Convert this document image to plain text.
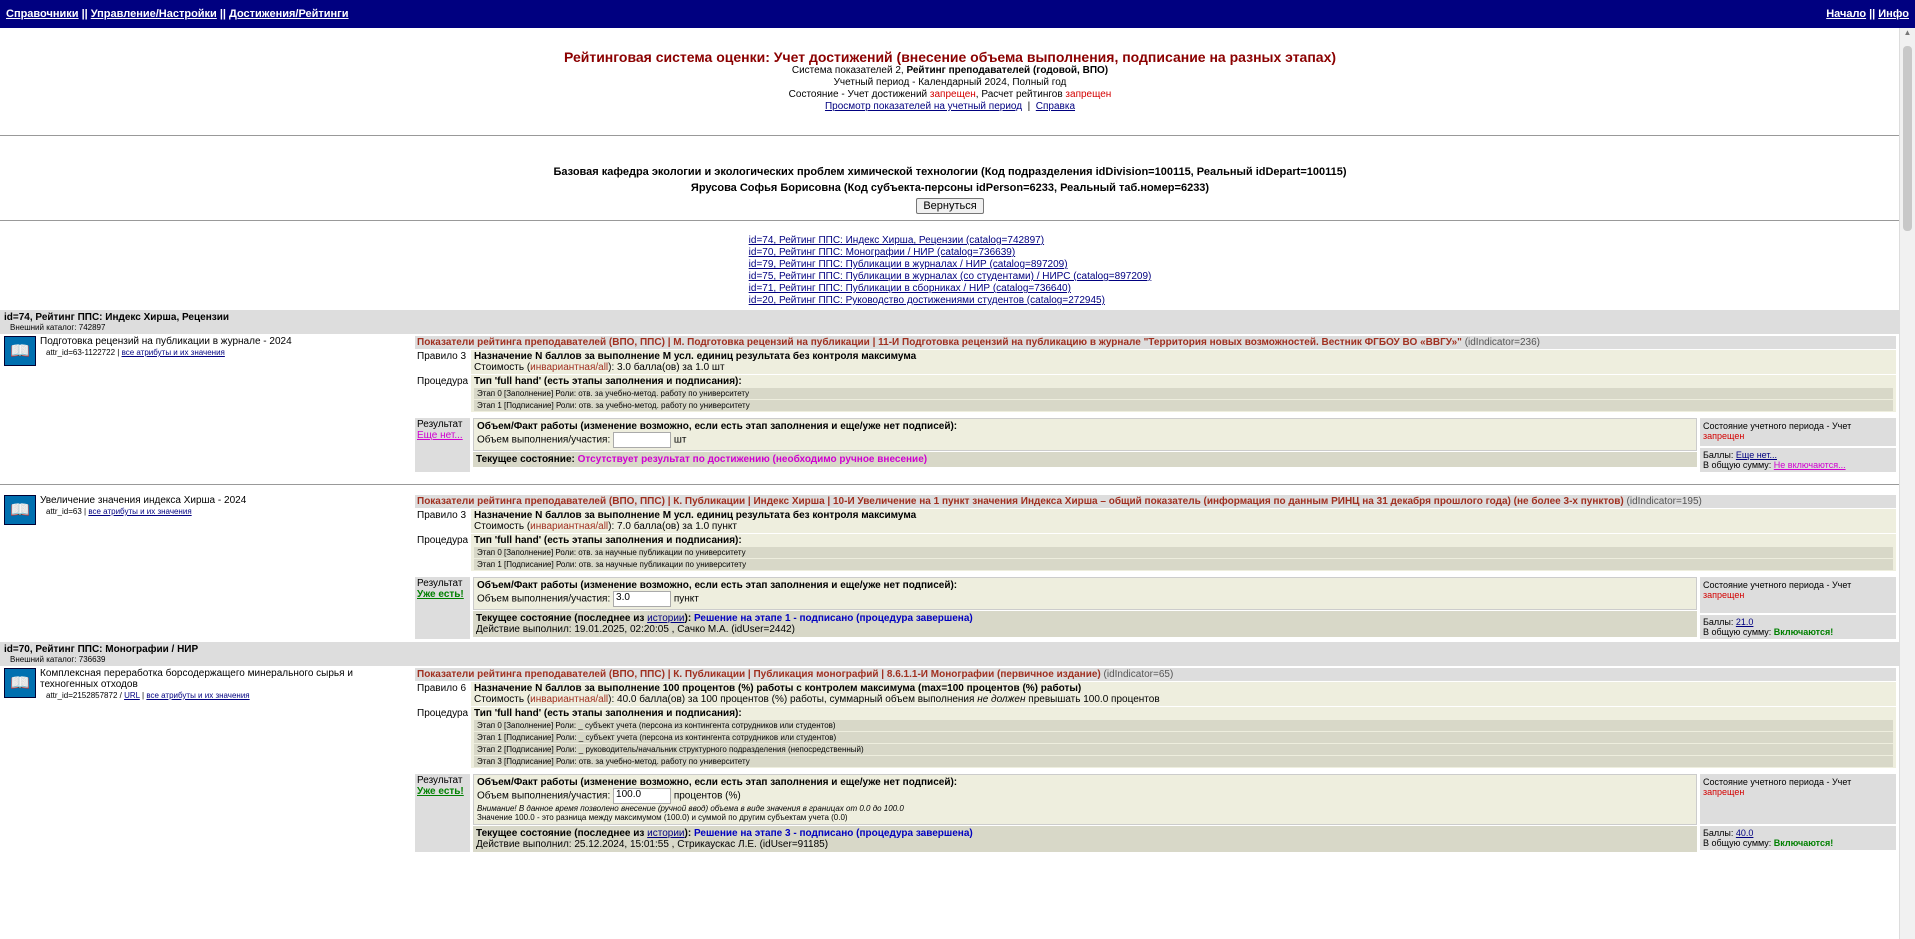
Справочники || Управление/Настройки || Достижения/Рейтинги	Начало || Инфо
▲
Рейтинговая система оценки: Учет достижений (внесение объема выполнения, подписание на разных этапах)
Система показателей 2, Рейтинг преподавателей (годовой, ВПО)
Учетный период - Календарный 2024, Полный год
Состояние - Учет достижений запрещен, Расчет рейтингов запрещен
Просмотр показателей на учетный период  |  Справка
Базовая кафедра экологии и экологических проблем химической технологии (Код подразделения idDivision=100115, Реальный idDepart=100115)
Ярусова Софья Борисовна (Код субъекта-персоны idPerson=6233, Реальный таб.номер=6233)
Вернуться
id=74, Рейтинг ППС: Индекс Хирша, Рецензии (catalog=742897)
id=70, Рейтинг ППС: Монографии / НИР (catalog=736639)
id=79, Рейтинг ППС: Публикации в журналах / НИР (catalog=897209)
id=75, Рейтинг ППС: Публикации в журналах (со студентами) / НИРС (catalog=897209)
id=71, Рейтинг ППС: Публикации в сборниках / НИР (catalog=736640)
id=20, Рейтинг ППС: Руководство достижениями студентов (catalog=272945)
id=74, Рейтинг ППС: Индекс Хирша, Рецензии
Внешний каталог: 742897
📖
Подготовка рецензий на публикации в журнале - 2024
attr_id=63-1122722 | все атрибуты и их значения
Показатели рейтинга преподавателей (ВПО, ППС) | М. Подготовка рецензий на публикации | 11-И Подготовка рецензий на публикацию в журнале "Территория новых возможностей. Вестник ФГБОУ ВО «ВВГУ»" (idIndicator=236)
Правило 3 Назначение N баллов за выполнение M усл. единиц результата без контроля максимума
Стоимость (инвариантная/all): 3.0 балла(ов) за 1.0 шт
Процедура Тип 'full hand' (есть этапы заполнения и подписания):
Этап 0 [Заполнение] Роли: отв. за учебно-метод. работу по университету
Этап 1 [Подписание] Роли: отв. за учебно-метод. работу по университету
Результат
Еще нет...
Объем/Факт работы (изменение возможно, если есть этап заполнения и еще/уже нет подписей):
Объем выполнения/участия:	шт
Текущее состояние: Отсутствует результат по достижению (необходимо ручное внесение)
Состояние учетного периода - Учет запрещен
Баллы: Еще нет...
В общую сумму: Не включаются...
📖
Увеличение значения индекса Хирша - 2024
attr_id=63 | все атрибуты и их значения
Показатели рейтинга преподавателей (ВПО, ППС) | К. Публикации | Индекс Хирша | 10-И Увеличение на 1 пункт значения Индекса Хирша – общий показатель (информация по данным РИНЦ на 31 декабря прошлого года) (не более 3-х пунктов) (idIndicator=195)
Правило 3 Назначение N баллов за выполнение M усл. единиц результата без контроля максимума
Стоимость (инвариантная/all): 7.0 балла(ов) за 1.0 пункт
Процедура Тип 'full hand' (есть этапы заполнения и подписания):
Этап 0 [Заполнение] Роли: отв. за научные публикации по университету
Этап 1 [Подписание] Роли: отв. за научные публикации по университету
Результат
Уже есть!
Объем/Факт работы (изменение возможно, если есть этап заполнения и еще/уже нет подписей):
Объем выполнения/участия: 3.0	пункт
Текущее состояние (последнее из истории): Решение на этапе 1 - подписано (процедура завершена)
Действие выполнил: 19.01.2025, 02:20:05 , Сачко М.А. (idUser=2442)
Состояние учетного периода - Учет запрещен
Баллы: 21.0
В общую сумму: Включаются!
id=70, Рейтинг ППС: Монографии / НИР
Внешний каталог: 736639
📖
Комплексная переработка борсодержащего минерального сырья и техногенных отходов
attr_id=2152857872 / URL | все атрибуты и их значения
Показатели рейтинга преподавателей (ВПО, ППС) | К. Публикации | Публикация монографий | 8.6.1.1-И Монографии (первичное издание) (idIndicator=65)
Правило 6 Назначение N баллов за выполнение 100 процентов (%) работы с контролем максимума (max=100 процентов (%) работы)
Стоимость (инвариантная/all): 40.0 балла(ов) за 100 процентов (%) работы, суммарный объем выполнения не должен превышать 100.0 процентов
Процедура Тип 'full hand' (есть этапы заполнения и подписания):
Этап 0 [Заполнение] Роли: _ субъект учета (персона из контингента сотрудников или студентов)
Этап 1 [Подписание] Роли: _ субъект учета (персона из контингента сотрудников или студентов)
Этап 2 [Подписание] Роли: _ руководитель/начальник структурного подразделения (непосредственный)
Этап 3 [Подписание] Роли: отв. за учебно-метод. работу по университету
Результат
Уже есть!
Объем/Факт работы (изменение возможно, если есть этап заполнения и еще/уже нет подписей):
Объем выполнения/участия: 100.0	процентов (%)
Внимание! В данное время позволено внесение (ручной ввод) объема в виде значения в границах от 0.0 до 100.0
Значение 100.0 - это разница между максимумом (100.0) и суммой по другим субъектам учета (0.0)
Текущее состояние (последнее из истории): Решение на этапе 3 - подписано (процедура завершена)
Действие выполнил: 25.12.2024, 15:01:55 , Стрикаускас Л.Е. (idUser=91185)
Состояние учетного периода - Учет запрещен
Баллы: 40.0
В общую сумму: Включаются!
